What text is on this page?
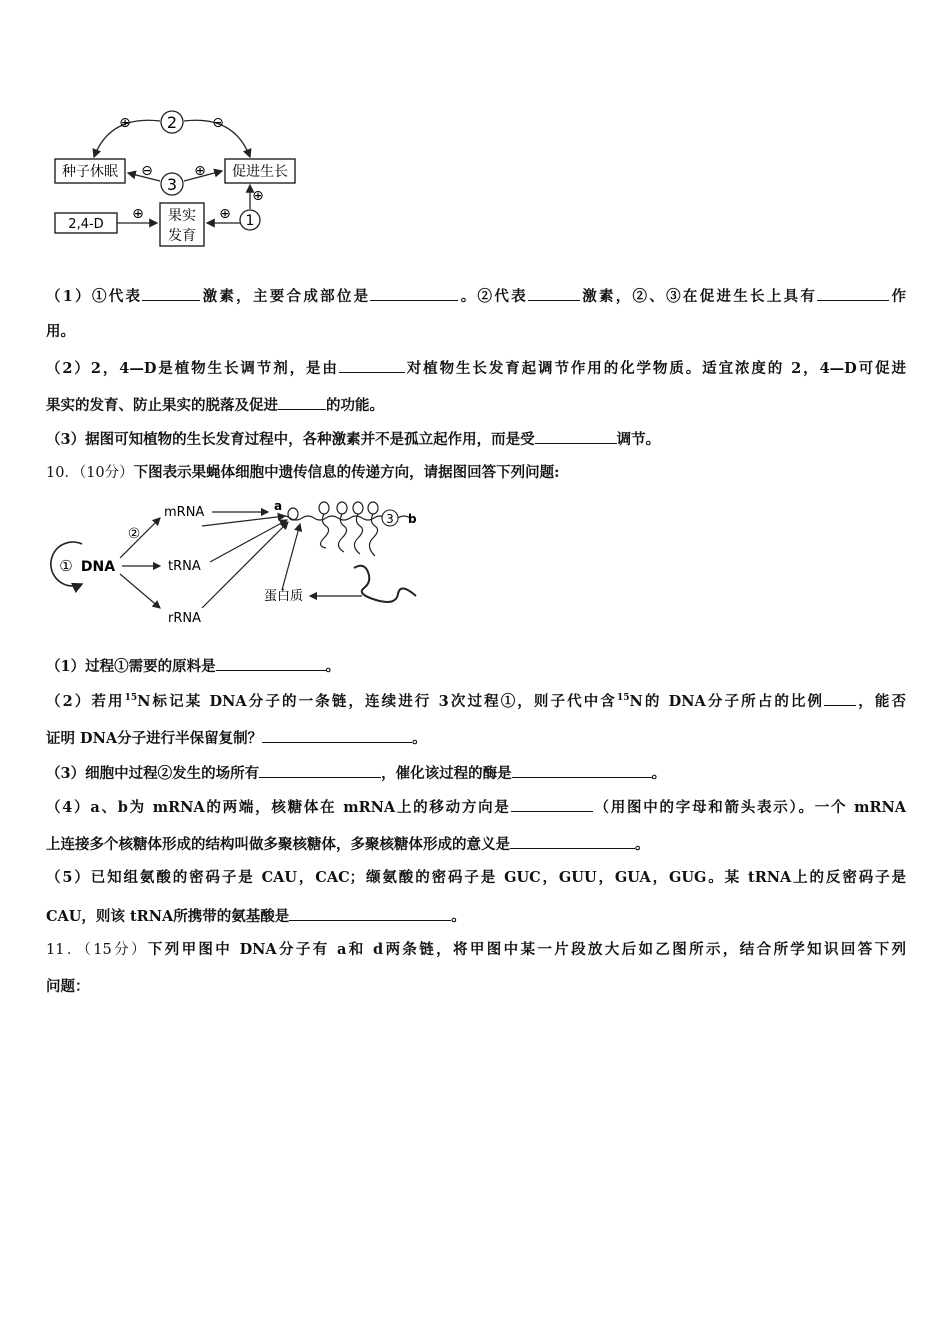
种子休眠	促进生长
2,4-D
果实
发育
2
3
1
⊕	⊖
⊖	⊕
⊕
⊕	⊕
（1）①代表	激素，主要合成部位是	。②代表	激素，②、③在促进生长上具有	作
用。
（2）2，4—D是植物生长调节剂，是由	对植物生长发育起调节作用的化学物质。适宜浓度的 2，4—D可促进
果实的发育、防止果实的脱落及促进	的功能。
（3）据图可知植物的生长发育过程中，各种激素并不是孤立起作用，而是受	调节。
10．（10分）下图表示果蝇体细胞中遗传信息的传递方向，请据图回答下列问题:
① DNA
②
mRNA
tRNA
rRNA
a
b
3
蛋白质
（1）过程①需要的原料是	。
（2）若用$^{15}$N标记某 DNA分子的一条链，连续进行 3次过程①，则子代中含$^{15}$N的 DNA分子所占的比例 ，能否
证明 DNA分子进行半保留复制？	。
（3）细胞中过程②发生的场所有	，催化该过程的酶是	。
（4）a、b为 mRNA的两端，核糖体在 mRNA上的移动方向是	（用图中的字母和箭头表示）。一个 mRNA
上连接多个核糖体形成的结构叫做多聚核糖体，多聚核糖体形成的意义是	。
（5）已知组氨酸的密码子是 CAU，CAC；缬氨酸的密码子是 GUC，GUU，GUA，GUG。某 tRNA上的反密码子是
CAU，则该 tRNA所携带的氨基酸是	。
11．（15分）下列甲图中 DNA分子有 a和 d两条链，将甲图中某一片段放大后如乙图所示，结合所学知识回答下列
问题：
